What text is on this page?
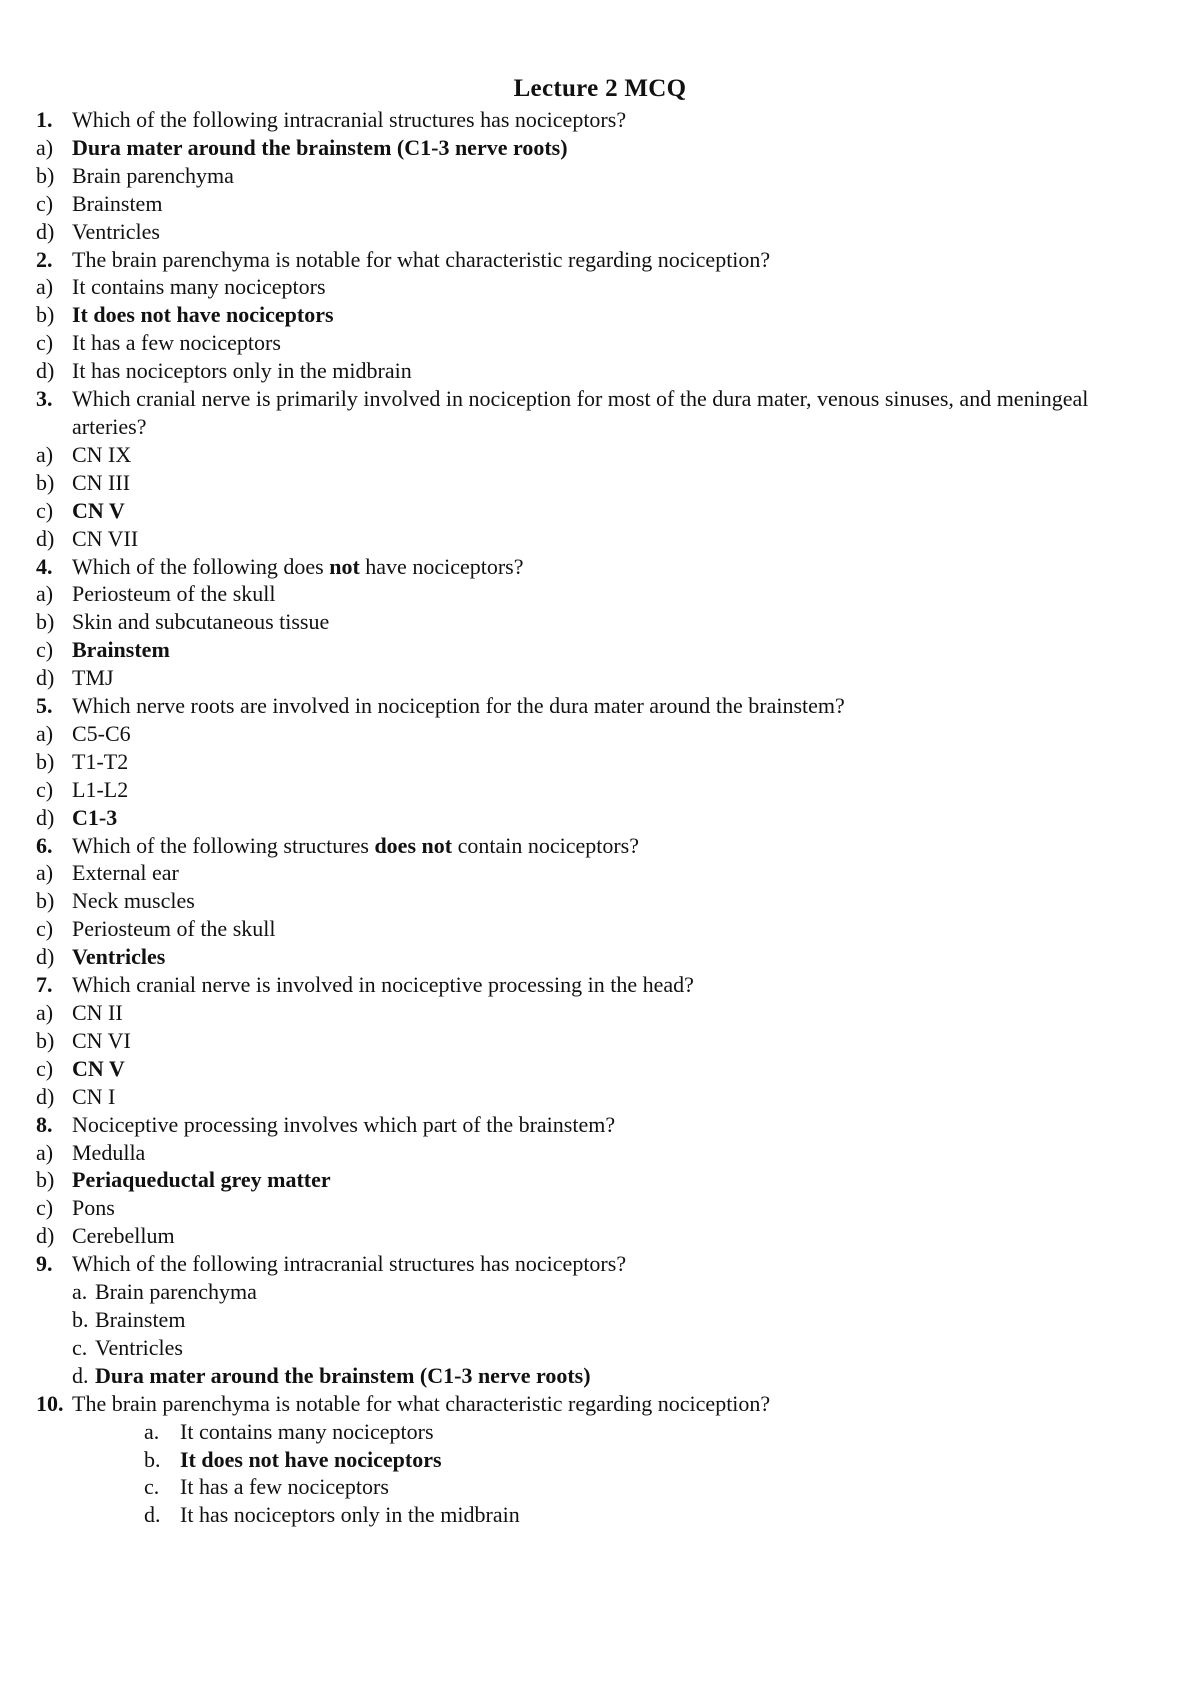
Lecture 2 MCQ
1. Which of the following intracranial structures has nociceptors?
a) Dura mater around the brainstem (C1-3 nerve roots)
b) Brain parenchyma
c) Brainstem
d) Ventricles
2. The brain parenchyma is notable for what characteristic regarding nociception?
a) It contains many nociceptors
b) It does not have nociceptors
c) It has a few nociceptors
d) It has nociceptors only in the midbrain
3. Which cranial nerve is primarily involved in nociception for most of the dura mater, venous sinuses, and meningeal arteries?
a) CN IX
b) CN III
c) CN V
d) CN VII
4. Which of the following does not have nociceptors?
a) Periosteum of the skull
b) Skin and subcutaneous tissue
c) Brainstem
d) TMJ
5. Which nerve roots are involved in nociception for the dura mater around the brainstem?
a) C5-C6
b) T1-T2
c) L1-L2
d) C1-3
6. Which of the following structures does not contain nociceptors?
a) External ear
b) Neck muscles
c) Periosteum of the skull
d) Ventricles
7. Which cranial nerve is involved in nociceptive processing in the head?
a) CN II
b) CN VI
c) CN V
d) CN I
8. Nociceptive processing involves which part of the brainstem?
a) Medulla
b) Periaqueductal grey matter
c) Pons
d) Cerebellum
9. Which of the following intracranial structures has nociceptors?
a. Brain parenchyma
b. Brainstem
c. Ventricles
d. Dura mater around the brainstem (C1-3 nerve roots)
10. The brain parenchyma is notable for what characteristic regarding nociception?
a. It contains many nociceptors
b. It does not have nociceptors
c. It has a few nociceptors
d. It has nociceptors only in the midbrain
